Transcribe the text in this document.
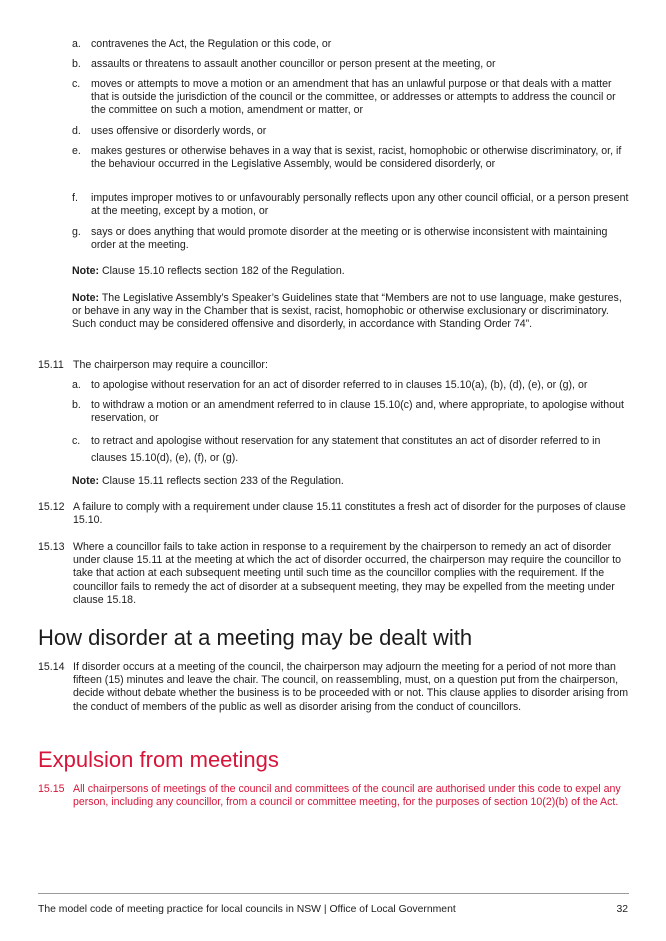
a. contravenes the Act, the Regulation or this code, or
b. assaults or threatens to assault another councillor or person present at the meeting, or
c.	moves or attempts to move a motion or an amendment that has an unlawful purpose or that deals with a matter that is outside the jurisdiction of the council or the committee, or addresses or attempts to address the council or the committee on such a motion, amendment or matter, or
d. uses offensive or disorderly words, or
e. makes gestures or otherwise behaves in a way that is sexist, racist, homophobic or otherwise discriminatory, or, if the behaviour occurred in the Legislative Assembly, would be considered disorderly, or
f.	imputes improper motives to or unfavourably personally reflects upon any other council official, or a person present at the meeting, except by a motion, or
g. says or does anything that would promote disorder at the meeting or is otherwise inconsistent with maintaining order at the meeting.
Note: Clause 15.10 reflects section 182 of the Regulation.
Note: The Legislative Assembly’s Speaker’s Guidelines state that “Members are not to use language, make gestures, or behave in any way in the Chamber that is sexist, racist, homophobic or otherwise exclusionary or discriminatory. Such conduct may be considered offensive and disorderly, in accordance with Standing Order 74”.
15.11 The chairperson may require a councillor:
a. to apologise without reservation for an act of disorder referred to in clauses 15.10(a), (b), (d), (e), or (g), or
b. to withdraw a motion or an amendment referred to in clause 15.10(c) and, where appropriate, to apologise without reservation, or
c.	to retract and apologise without reservation for any statement that constitutes an act of disorder referred to in clauses 15.10(d), (e), (f), or (g).
Note: Clause 15.11 reflects section 233 of the Regulation.
15.12 A failure to comply with a requirement under clause 15.11 constitutes a fresh act of disorder for the purposes of clause 15.10.
15.13 Where a councillor fails to take action in response to a requirement by the chairperson to remedy an act of disorder under clause 15.11 at the meeting at which the act of disorder occurred, the chairperson may require the councillor to take that action at each subsequent meeting until such time as the councillor complies with the requirement. If the councillor fails to remedy the act of disorder at a subsequent meeting, they may be expelled from the meeting under clause 15.18.
How disorder at a meeting may be dealt with
15.14 If disorder occurs at a meeting of the council, the chairperson may adjourn the meeting for a period of not more than fifteen (15) minutes and leave the chair. The council, on reassembling, must, on a question put from the chairperson, decide without debate whether the business is to be proceeded with or not. This clause applies to disorder arising from the conduct of members of the public as well as disorder arising from the conduct of councillors.
Expulsion from meetings
15.15 All chairpersons of meetings of the council and committees of the council are authorised under this code to expel any person, including any councillor, from a council or committee meeting, for the purposes of section 10(2)(b) of the Act.
The model code of meeting practice for local councils in NSW | Office of Local Government	32
